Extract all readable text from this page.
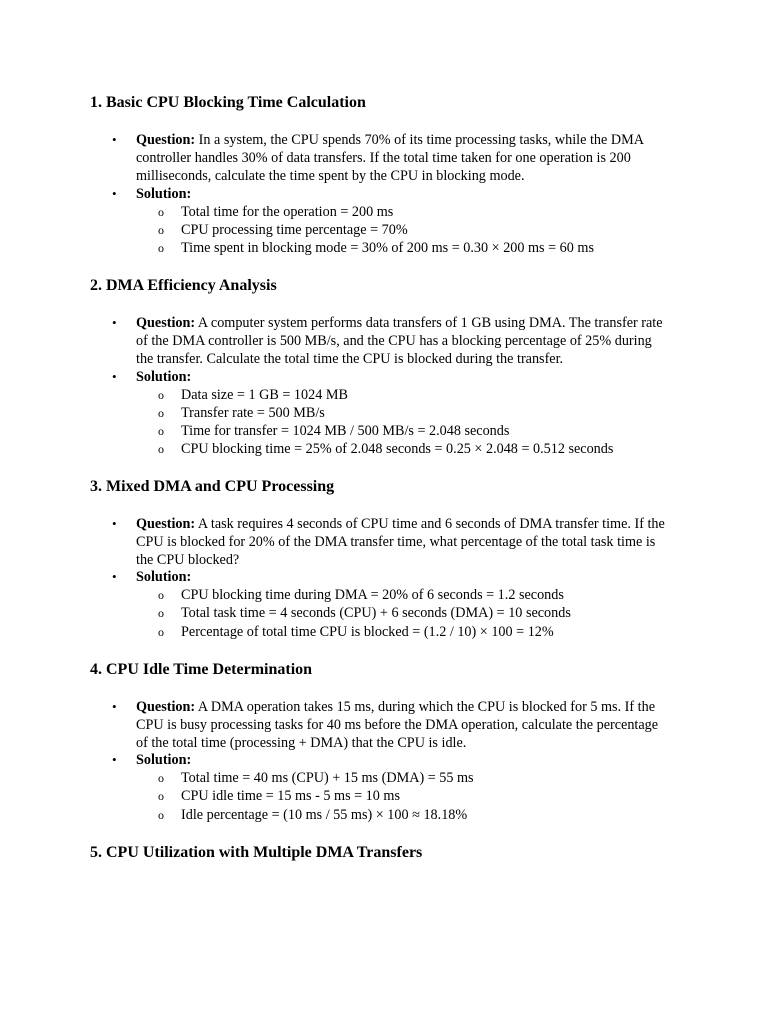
1. Basic CPU Blocking Time Calculation
•	Question: In a system, the CPU spends 70% of its time processing tasks, while the DMA controller handles 30% of data transfers. If the total time taken for one operation is 200 milliseconds, calculate the time spent by the CPU in blocking mode.
•	Solution:
o Total time for the operation = 200 ms
o CPU processing time percentage = 70%
o Time spent in blocking mode = 30% of 200 ms = 0.30 × 200 ms = 60 ms
2. DMA Efficiency Analysis
•	Question: A computer system performs data transfers of 1 GB using DMA. The transfer rate of the DMA controller is 500 MB/s, and the CPU has a blocking percentage of 25% during the transfer. Calculate the total time the CPU is blocked during the transfer.
•	Solution:
o Data size = 1 GB = 1024 MB
o Transfer rate = 500 MB/s
o Time for transfer = 1024 MB / 500 MB/s = 2.048 seconds
o CPU blocking time = 25% of 2.048 seconds = 0.25 × 2.048 = 0.512 seconds
3. Mixed DMA and CPU Processing
•	Question: A task requires 4 seconds of CPU time and 6 seconds of DMA transfer time. If the CPU is blocked for 20% of the DMA transfer time, what percentage of the total task time is the CPU blocked?
•	Solution:
o CPU blocking time during DMA = 20% of 6 seconds = 1.2 seconds
o Total task time = 4 seconds (CPU) + 6 seconds (DMA) = 10 seconds
o Percentage of total time CPU is blocked = (1.2 / 10) × 100 = 12%
4. CPU Idle Time Determination
•	Question: A DMA operation takes 15 ms, during which the CPU is blocked for 5 ms. If the CPU is busy processing tasks for 40 ms before the DMA operation, calculate the percentage of the total time (processing + DMA) that the CPU is idle.
•	Solution:
o Total time = 40 ms (CPU) + 15 ms (DMA) = 55 ms
o CPU idle time = 15 ms - 5 ms = 10 ms
o Idle percentage = (10 ms / 55 ms) × 100 ≈ 18.18%
5. CPU Utilization with Multiple DMA Transfers
